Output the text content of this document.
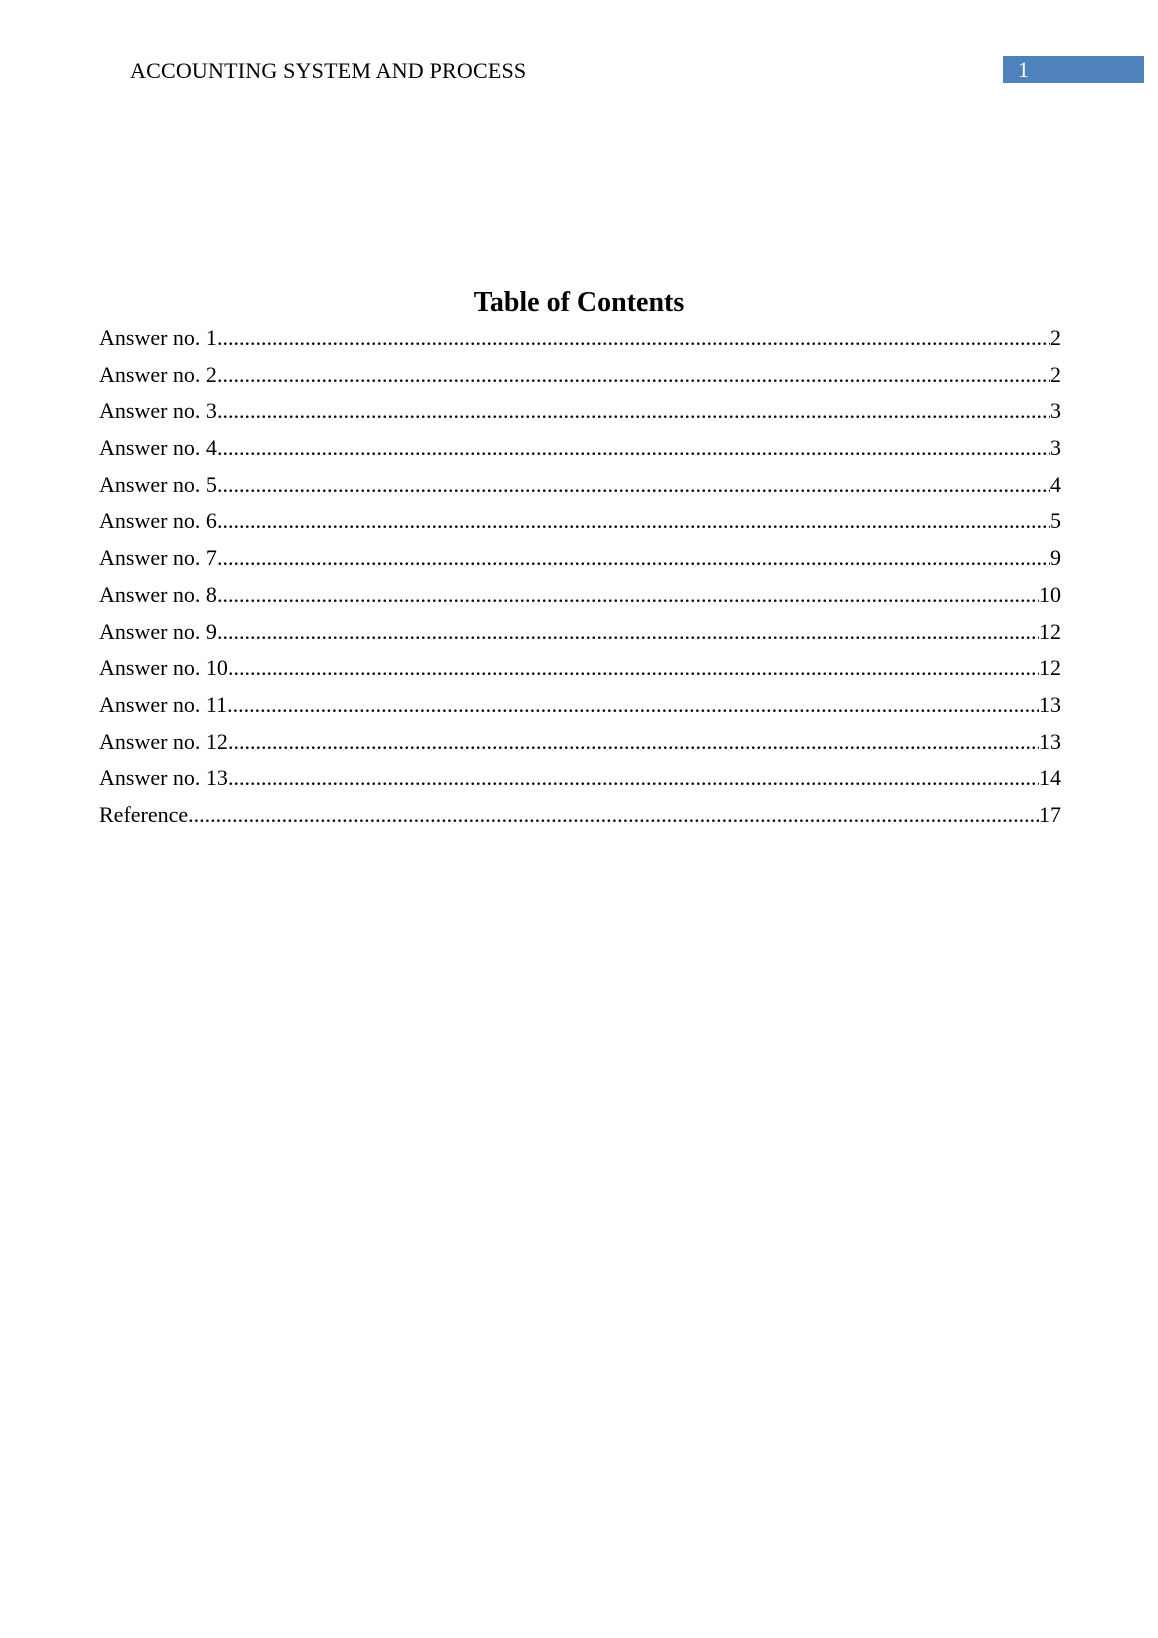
ACCOUNTING SYSTEM AND PROCESS	1
Table of Contents
Answer no. 1 .....	2
Answer no. 2 .....	2
Answer no. 3 .....	3
Answer no. 4 .....	3
Answer no. 5 .....	4
Answer no. 6 .....	5
Answer no. 7 .....	9
Answer no. 8 .....	10
Answer no. 9 .....	12
Answer no. 10 .....	12
Answer no. 11 .....	13
Answer no. 12 .....	13
Answer no. 13 .....	14
Reference .....	17
